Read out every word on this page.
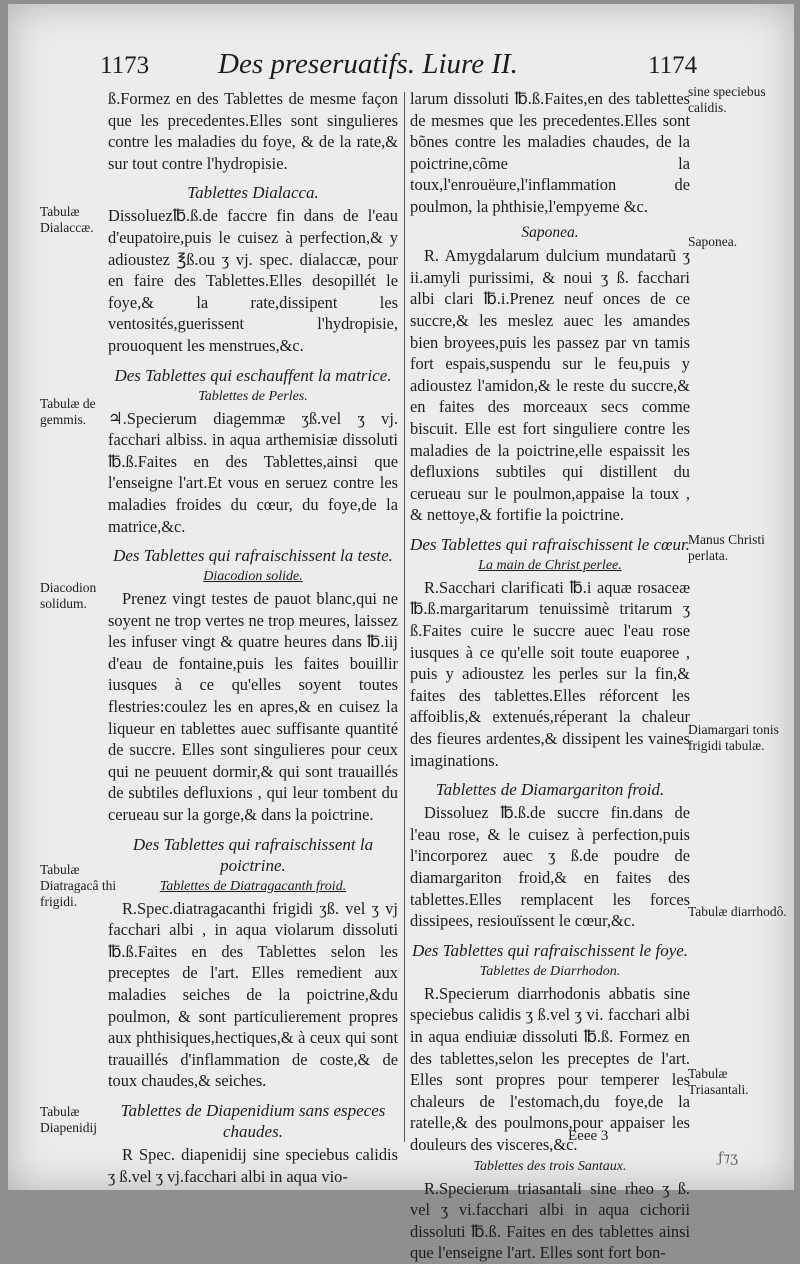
1173 Des preseruatifs. Liure II.	1174

ß.Formez en des Tablettes de mesme façon que les precedentes.Elles sont singulieres contre les maladies du foye, & de la rate,& sur tout contre l'hydropisie.

Tablettes Dialacca.

Dissoluez℔.ß.de faccre fin dans de l'eau d'eupatoire,puis le cuisez à perfection,& y adioustez ℥ß.ou ʒ vj. spec. dialaccæ, pour en faire des Tablettes.Elles desopillét le foye,& la rate,dissipent les ventosités,guerissent l'hydropisie, prouoquent les menstrues,&c.

Des Tablettes qui eschauffent la matrice.
Tablettes de Perles.

♃.Specierum diagemmæ ʒß.vel ʒ vj. facchari albiss. in aqua arthemisiæ dissoluti ℔.ß.Faites en des Tablettes,ainsi que l'enseigne l'art.Et vous en seruez contre les maladies froides du cœur, du foye,de la matrice,&c.

Des Tablettes qui rafraischissent la teste.
Diacodion solide.

Prenez vingt testes de pauot blanc,qui ne soyent ne trop vertes ne trop meures, laissez les infuser vingt & quatre heures dans ℔.iij d'eau de fontaine,puis les faites bouillir iusques à ce qu'elles soyent toutes flestries:coulez les en apres,& en cuisez la liqueur en tablettes auec suffisante quantité de succre. Elles sont singulieres pour ceux qui ne peuuent dormir,& qui sont trauaillés de subtiles defluxions , qui leur tombent du cerueau sur la gorge,& dans la poictrine.

Des Tablettes qui rafraischissent la poictrine.
Tablettes de Diatragacanth froid.

R.Spec.diatragacanthi frigidi ʒß. vel ʒ vj facchari albi , in aqua violarum dissoluti ℔.ß.Faites en des Tablettes selon les preceptes de l'art. Elles remedient aux maladies seiches de la poictrine,&du poulmon, & sont particulierement propres aux phthisiques,hectiques,& à ceux qui sont trauaillés d'inflammation de coste,& de toux chaudes,& seiches.

Tablettes de Diapenidium sans especes chaudes.

R Spec. diapenidij sine speciebus calidis ʒ ß.vel ʒ vj.facchari albi in aqua vio-

Tabulæ Dialaccæ.
Tabulæ de gemmis.
Diacodion solidum.
Tabulæ Diatragacâ thi frigidi.
Tabulæ Diapenidij

larum dissoluti ℔.ß.Faites,en des tablettes de mesmes que les precedentes.Elles sont bõnes contre les maladies chaudes, de la poictrine,cõme la toux,l'enrouëure,l'inflammation de poulmon, la phthisie,l'empyeme &c.

Saponea.

R. Amygdalarum dulcium mundatarũ ʒ ii.amyli purissimi, & noui ʒ ß. facchari albi clari ℔.i.Prenez neuf onces de ce succre,& les meslez auec les amandes bien broyees,puis les passez par vn tamis fort espais,suspendu sur le feu,puis y adioustez l'amidon,& le reste du succre,& en faites des morceaux secs comme biscuit. Elle est fort singuliere contre les maladies de la poictrine,elle espaissit les defluxions subtiles qui distillent du cerueau sur le poulmon,appaise la toux , & nettoye,& fortifie la poictrine.

Des Tablettes qui rafraischissent le cœur.
La main de Christ perlee.

R.Sacchari clarificati ℔.i aquæ rosaceæ ℔.ß.margaritarum tenuissimè tritarum ʒ ß.Faites cuire le succre auec l'eau rose iusques à ce qu'elle soit toute euaporee , puis y adioustez les perles sur la fin,& faites des tablettes.Elles réforcent les affoiblis,& extenués,réperant la chaleur des fieures ardentes,& dissipent les vaines imaginations.

Tablettes de Diamargariton froid.

Dissoluez ℔.ß.de succre fin.dans de l'eau rose, & le cuisez à perfection,puis l'incorporez auec ʒ ß.de poudre de diamargariton froid,& en faites des tablettes.Elles remplacent les forces dissipees, resiouïssent le cœur,&c.

Des Tablettes qui rafraischissent le foye.
Tablettes de Diarrhodon.

R.Specierum diarrhodonis abbatis sine speciebus calidis ʒ ß.vel ʒ vi. facchari albi in aqua endiuiæ dissoluti ℔.ß. Formez en des tablettes,selon les preceptes de l'art. Elles sont propres pour temperer les chaleurs de l'estomach,du foye,de la ratelle,& des poulmons,pour appaiser les douleurs des visceres,&c.

Tablettes des trois Santaux.

R.Specierum triasantali sine rheo ʒ ß. vel ʒ vi.facchari albi in aqua cichorii dissoluti ℔.ß. Faites en des tablettes ainsi que l'enseigne l'art. Elles sont fort bon-

sine speciebus calidis.
Saponea.
Manus Christi perlata.
Diamargari tonis frigidi tabulæ.
Tabulæ diarrhodô.
Tabulæ Triasantali.
Eeee 3
ƒ⁊ʒ
